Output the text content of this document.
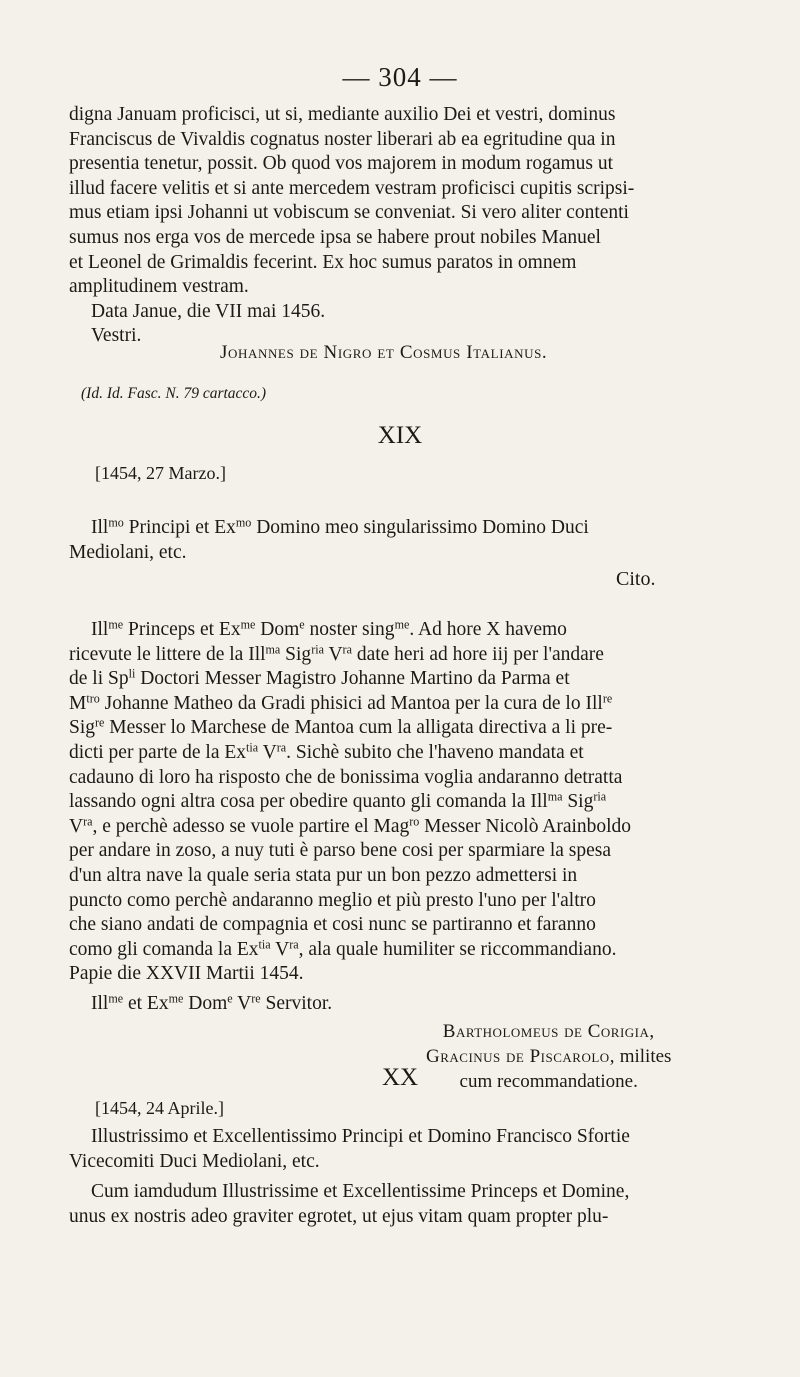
— 304 —

digna Januam proficisci, ut si, mediante auxilio Dei et vestri, dominus

Franciscus de Vivaldis cognatus noster liberari ab ea egritudine qua in

presentia tenetur, possit. Ob quod vos majorem in modum rogamus ut

illud facere velitis et si ante mercedem vestram proficisci cupitis scripsi-

mus etiam ipsi Johanni ut vobiscum se conveniat. Si vero aliter contenti

sumus nos erga vos de mercede ipsa se habere prout nobiles Manuel

et Leonel de Grimaldis fecerint. Ex hoc sumus paratos in omnem

amplitudinem vestram.

Data Janue, die VII mai 1456.

Vestri.

Johannes de Nigro et Cosmus Italianus.
(Id. Id. Fasc. N. 79 cartacco.)
XIX
[1454, 27 Marzo.]

Ill$^{mo}$ Principi et $Ex^{mo}$ Domino meo singularissimo Domino Duci

Mediolani, etc.

Cito.

Ill$^{me}$ Princeps et $Ex^{me}$ Dom$^e$ noster sing$^{me}$. Ad hore X havemo

ricevute le littere de la Ill$^{ma}$ Sig$^{ria}$ $V^{ra}$ date heri ad hore iij per l'andare

de li $Sp^{li}$ Doctori Messer Magistro Johanne Martino da Parma et

$M^{tro}$ Johanne Matheo da Gradi phisici ad Mantoa per la cura de lo Ill$^{re}$

Sig$^{re}$ Messer lo Marchese de Mantoa cum la alligata directiva a li pre-

dicti per parte de la $Ex^{tia}$ $V^{ra}$. Sichè subito che l'haveno mandata et

cadauno di loro ha risposto che de bonissima voglia andaranno detratta

lassando ogni altra cosa per obedire quanto gli comanda la Ill$^{ma}$ Sig$^{ria}$

$V^{ra}$, e perchè adesso se vuole partire el Mag$^{ro}$ Messer Nicolò Arainboldo

per andare in zoso, a nuy tuti è parso bene cosi per sparmiare la spesa

d'un altra nave la quale seria stata pur un bon pezzo admettersi in

puncto como perchè andaranno meglio et più presto l'uno per l'altro

che siano andati de compagnia et cosi nunc se partiranno et faranno

como gli comanda la $Ex^{tia}$ $V^{ra}$, ala quale humiliter se riccommandiano.

Papie die XXVII Martii 1454.

Ill$^{me}$ et $Ex^{me}$ Dom$^e$ Vre Servitor.
Bartholomeus de Corigia,
Gracinus de Piscarolo, milites
cum recommandatione.
XX
[1454, 24 Aprile.]

Illustrissimo et Excellentissimo Principi et Domino Francisco Sfortie

Vicecomiti Duci Mediolani, etc.

Cum iamdudum Illustrissime et Excellentissime Princeps et Domine,

unus ex nostris adeo graviter egrotet, ut ejus vitam quam propter plu-
